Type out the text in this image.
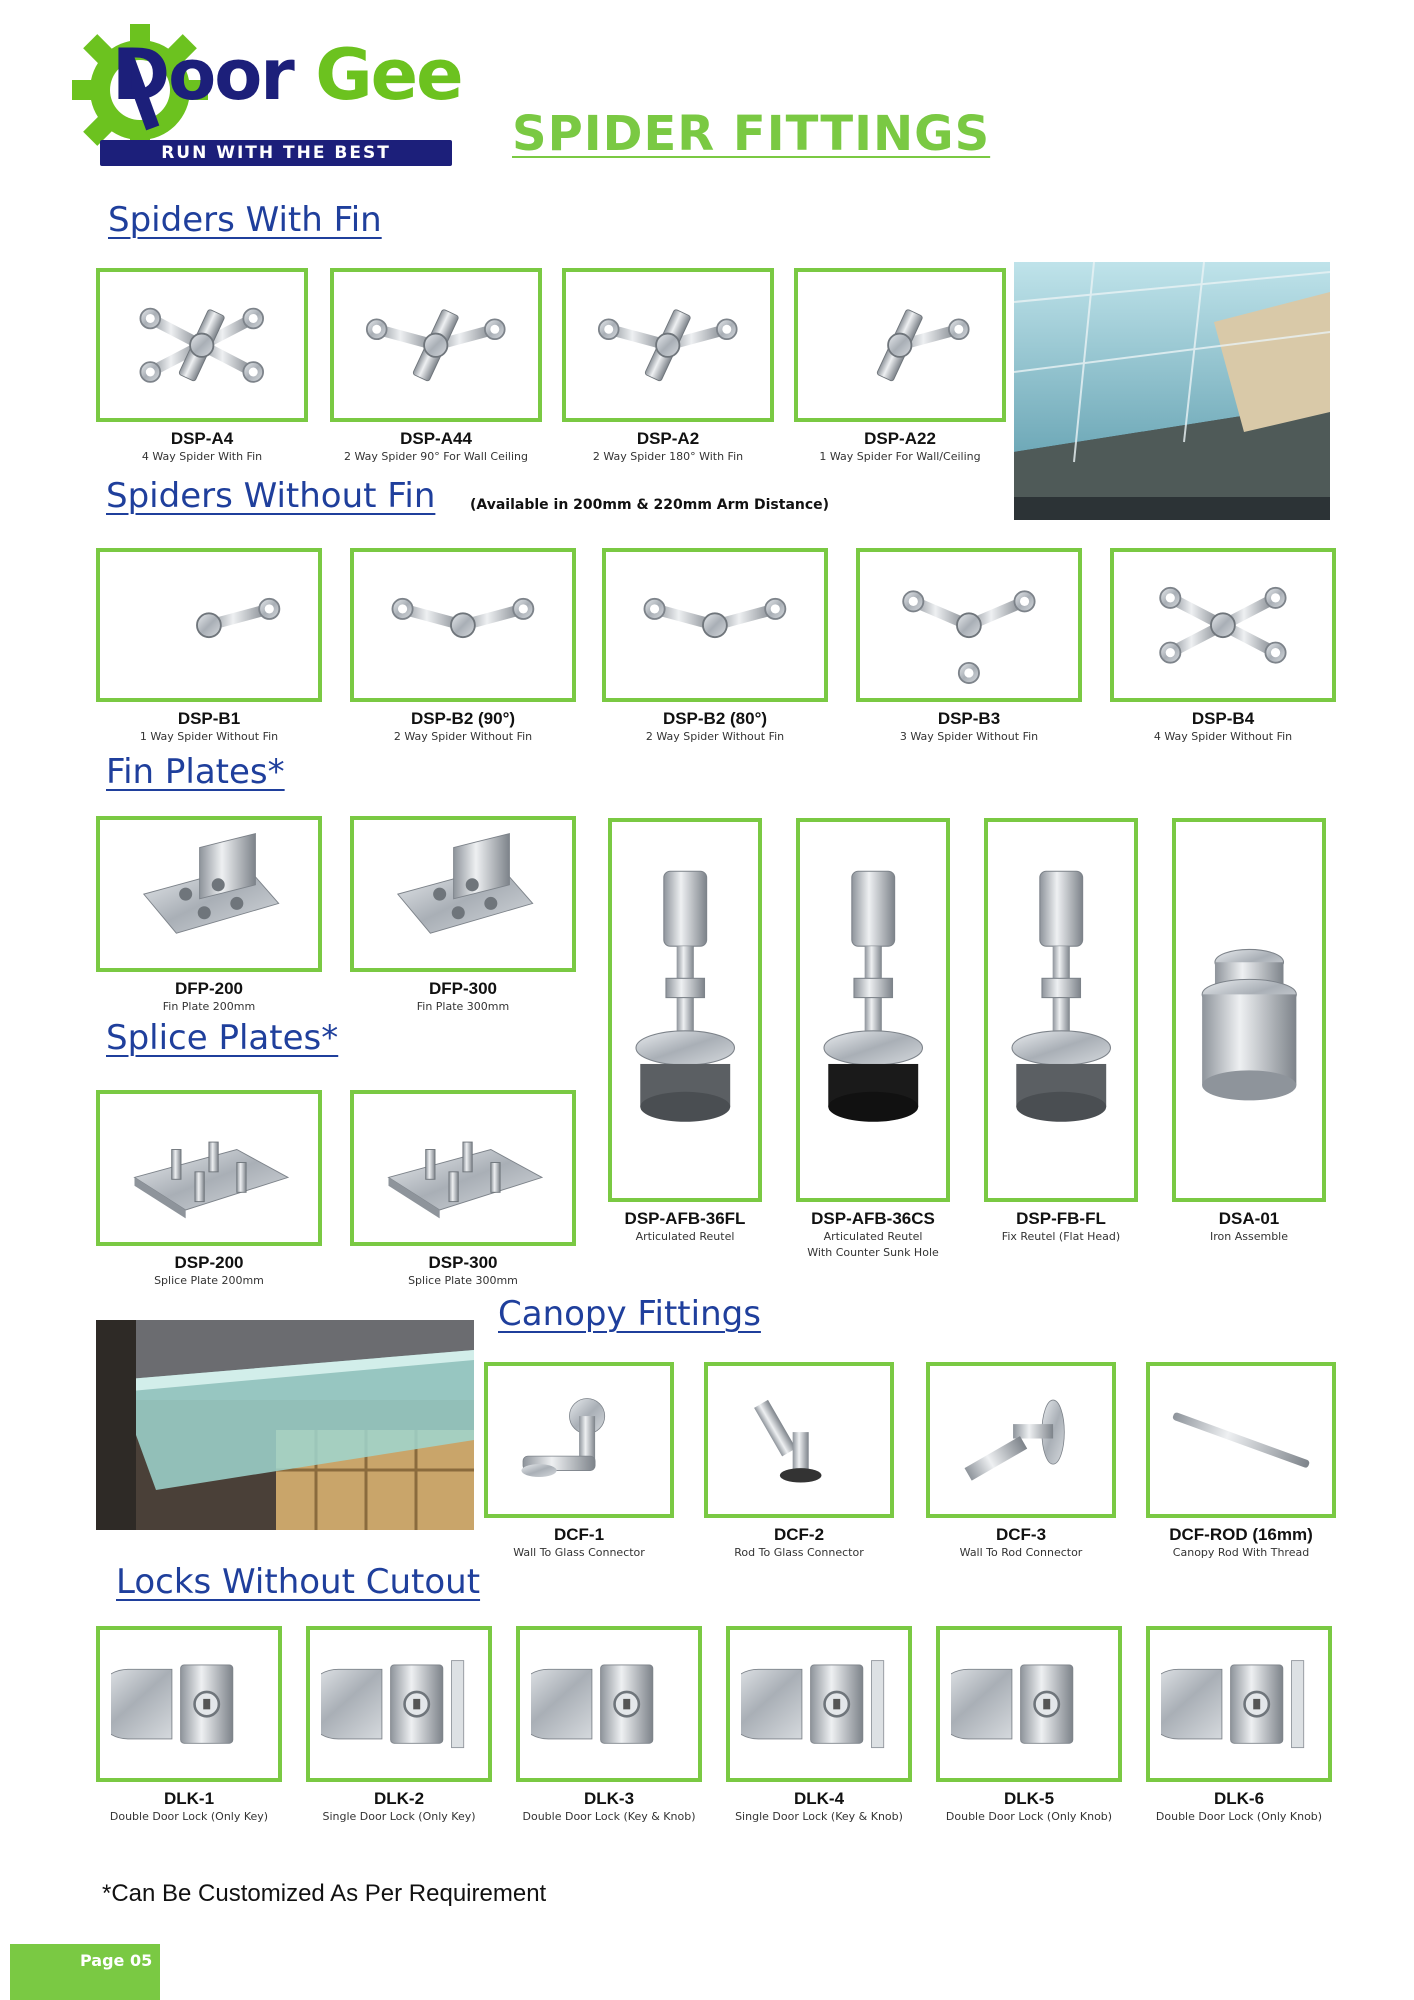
Door Gee
RUN WITH THE BEST	SPIDER FITTINGS
Spiders With Fin
DSP-A4
4 Way Spider With Fin
DSP-A44
2 Way Spider 90° For Wall Ceiling
DSP-A2
2 Way Spider 180° With Fin
DSP-A22
1 Way Spider For Wall/Ceiling
Spiders Without Fin (Available in 200mm & 220mm Arm Distance)
DSP-B1
1 Way Spider Without Fin
DSP-B2 (90°)
2 Way Spider Without Fin
DSP-B2 (80°)
2 Way Spider Without Fin
DSP-B3
3 Way Spider Without Fin
DSP-B4
4 Way Spider Without Fin
Fin Plates*
DFP-200
Fin Plate 200mm
DFP-300
Fin Plate 300mm
Splice Plates*
DSP-200
Splice Plate 200mm
DSP-300
Splice Plate 300mm
DSP-AFB-36FL
Articulated Reutel
DSP-AFB-36CS
Articulated Reutel
With Counter Sunk Hole
DSP-FB-FL
Fix Reutel (Flat Head)
DSA-01
Iron Assemble
Canopy Fittings
DCF-1
Wall To Glass Connector
DCF-2
Rod To Glass Connector
DCF-3
Wall To Rod Connector
DCF-ROD (16mm)
Canopy Rod With Thread
Locks Without Cutout
DLK-1
Double Door Lock (Only Key)
DLK-2
Single Door Lock (Only Key)
DLK-3
Double Door Lock (Key & Knob)
DLK-4
Single Door Lock (Key & Knob)
DLK-5
Double Door Lock (Only Knob)
DLK-6
Double Door Lock (Only Knob)
*Can Be Customized As Per Requirement
Page 05
